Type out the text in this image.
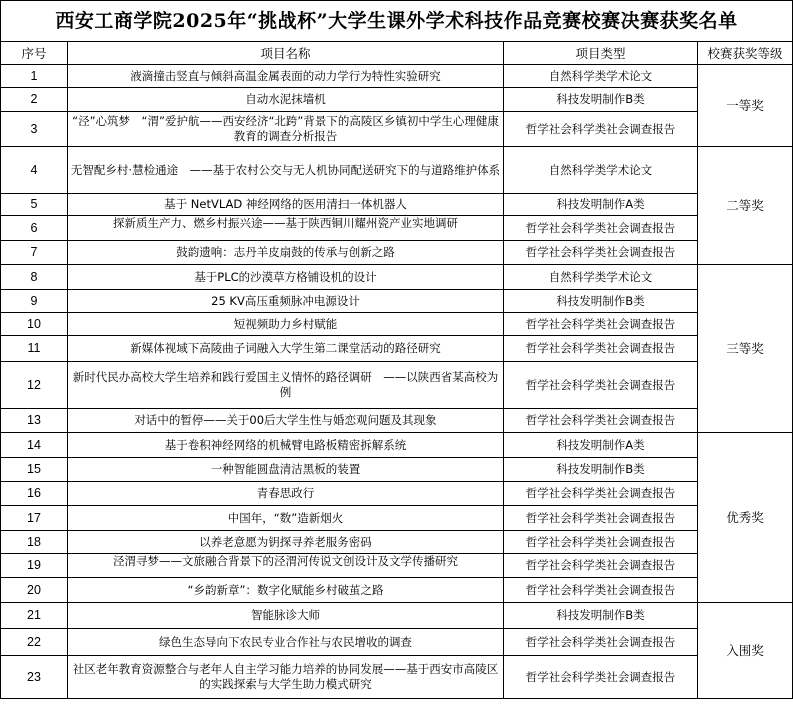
西安工商学院2025年“挑战杯”大学生课外学术科技作品竞赛校赛决赛获奖名单			
序号	项目名称	项目类型	校赛获奖等级
1	液滴撞击竖直与倾斜高温金属表面的动力学行为特性实验研究	自然科学类学术论文	一等奖
2	自动水泥抹墙机	科技发明制作B类	
3	“泾”心筑梦　“渭”爱护航——西安经济“北跨”背景下的高陵区乡镇初中学生心理健康教育的调查分析报告	哲学社会科学类社会调查报告	
4	无智配乡村·慧检通途　——基于农村公交与无人机协同配送研究下的与道路维护体系	自然科学类学术论文	二等奖
5	基于 NetVLAD 神经网络的医用清扫一体机器人	科技发明制作A类	
6	探新质生产力、燃乡村振兴途——基于陕西铜川耀州瓷产业实地调研	哲学社会科学类社会调查报告	
7	鼓韵遗响：志丹羊皮扇鼓的传承与创新之路	哲学社会科学类社会调查报告	
8	基于PLC的沙漠草方格铺设机的设计	自然科学类学术论文	三等奖
9	25 KV高压重频脉冲电源设计	科技发明制作B类	
10	短视频助力乡村赋能	哲学社会科学类社会调查报告	
11	新媒体视域下高陵曲子词融入大学生第二课堂活动的路径研究	哲学社会科学类社会调查报告	
12	新时代民办高校大学生培养和践行爱国主义情怀的路径调研　——以陕西省某高校为例	哲学社会科学类社会调查报告	
13	对话中的暂停——关于00后大学生性与婚恋观问题及其现象	哲学社会科学类社会调查报告	
14	基于卷积神经网络的机械臂电路板精密拆解系统	科技发明制作A类	优秀奖
15	一种智能圆盘清洁黑板的装置	科技发明制作B类	
16	青春思政行	哲学社会科学类社会调查报告	
17	中国年，“数”造新烟火	哲学社会科学类社会调查报告	
18	以养老意愿为钥探寻养老服务密码	哲学社会科学类社会调查报告	
19	泾渭寻梦——文旅融合背景下的泾渭河传说文创设计及文学传播研究	哲学社会科学类社会调查报告	
20	“乡韵新章”：数字化赋能乡村破茧之路	哲学社会科学类社会调查报告	
21	智能脉诊大师	科技发明制作B类	入围奖
22	绿色生态导向下农民专业合作社与农民增收的调查	哲学社会科学类社会调查报告	
23	社区老年教育资源整合与老年人自主学习能力培养的协同发展——基于西安市高陵区的实践探索与大学生助力模式研究	哲学社会科学类社会调查报告	
